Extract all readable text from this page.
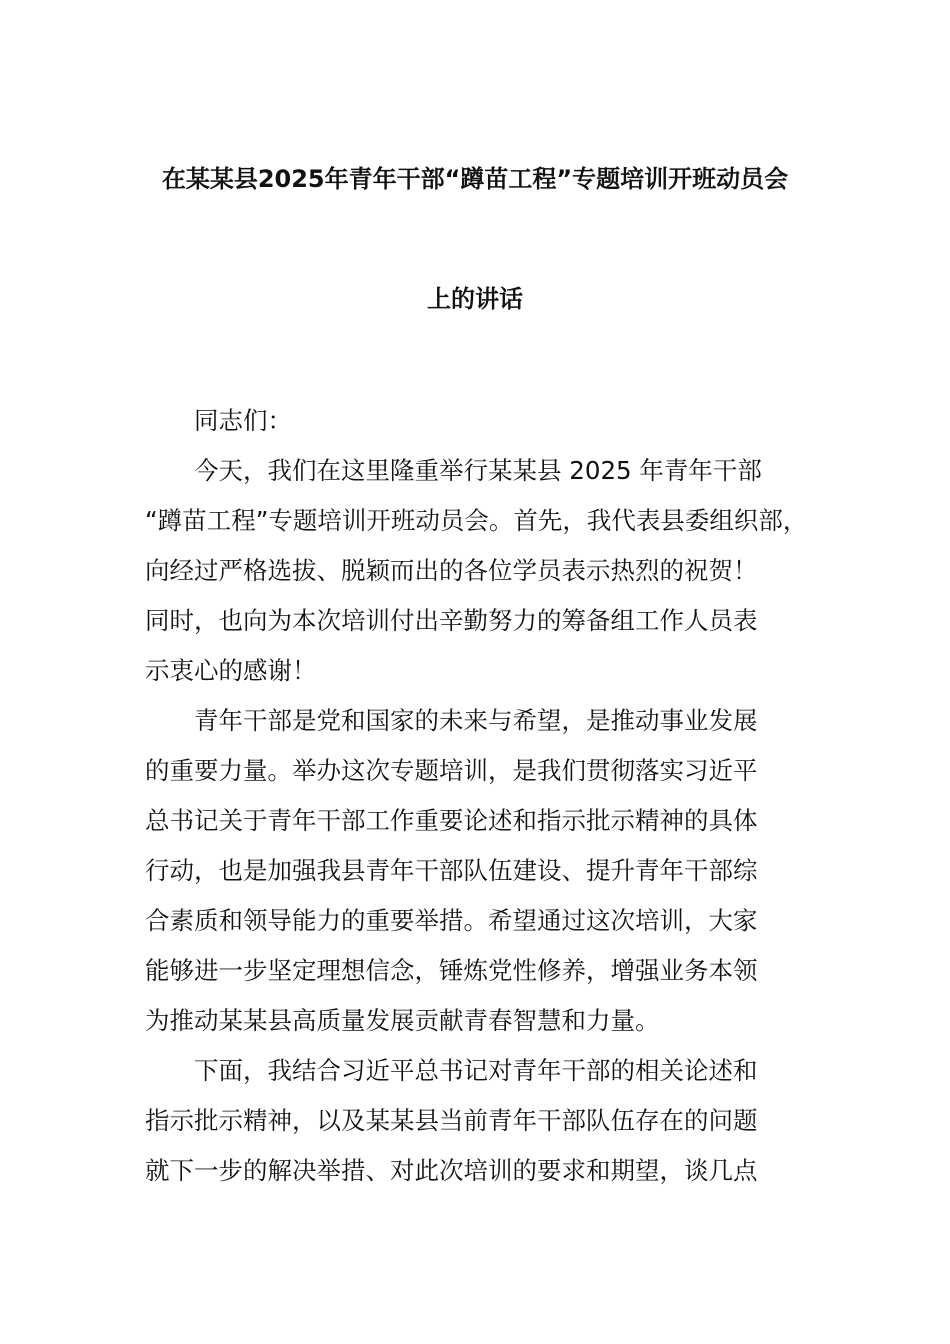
在某某县2025年青年干部“蹲苗工程”专题培训开班动员会
上的讲话
同志们：
今天，我们在这里隆重举行某某县 2025 年青年干部
“蹲苗工程”专题培训开班动员会。首先，我代表县委组织部，
向经过严格选拔、脱颖而出的各位学员表示热烈的祝贺！
同时，也向为本次培训付出辛勤努力的筹备组工作人员表
示衷心的感谢！
青年干部是党和国家的未来与希望，是推动事业发展
的重要力量。举办这次专题培训，是我们贯彻落实习近平
总书记关于青年干部工作重要论述和指示批示精神的具体
行动，也是加强我县青年干部队伍建设、提升青年干部综
合素质和领导能力的重要举措。希望通过这次培训，大家
能够进一步坚定理想信念，锤炼党性修养，增强业务本领
为推动某某县高质量发展贡献青春智慧和力量。
下面，我结合习近平总书记对青年干部的相关论述和
指示批示精神，以及某某县当前青年干部队伍存在的问题
就下一步的解决举措、对此次培训的要求和期望，谈几点
